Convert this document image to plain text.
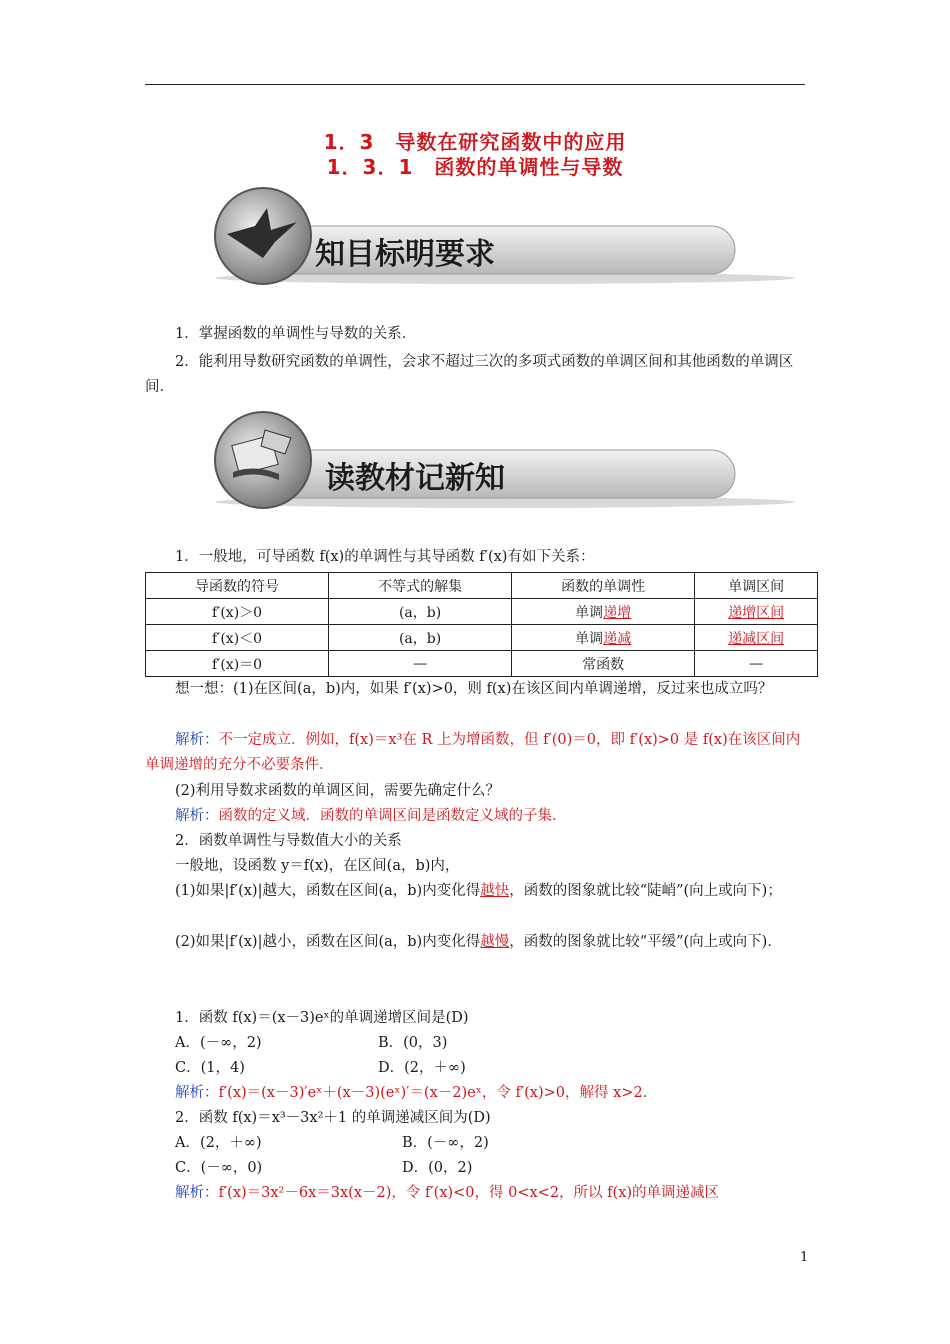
1．3　导数在研究函数中的应用
1．3．1　函数的单调性与导数
知目标明要求

1．掌握函数的单调性与导数的关系．

2．能利用导数研究函数的单调性，会求不超过三次的多项式函数的单调区间和其他函数的单调区间．

读教材记新知

1．一般地，可导函数 f(x)的单调性与其导函数 f′(x)有如下关系：

导函数的符号	不等式的解集	函数的单调性	单调区间
f′(x)＞0	(a，b)	单调递增	递增区间
f′(x)＜0	(a，b)	单调递减	递减区间
f′(x)＝0	—	常函数	—

想一想：(1)在区间(a，b)内，如果 f′(x)>0，则 f(x)在该区间内单调递增，反过来也成立吗？

解析：不一定成立．例如，f(x)＝x³在 R 上为增函数，但 f′(0)＝0，即 f′(x)>0 是 f(x)在该区间内单调递增的充分不必要条件．

(2)利用导数求函数的单调区间，需要先确定什么？

解析：函数的定义域．函数的单调区间是函数定义域的子集．

2．函数单调性与导数值大小的关系

一般地，设函数 y＝f(x)，在区间(a，b)内，

(1)如果|f′(x)|越大，函数在区间(a，b)内变化得越快，函数的图象就比较“陡峭”(向上或向下)；

(2)如果|f′(x)|越小，函数在区间(a，b)内变化得越慢，函数的图象就比较“平缓”(向上或向下)．

1．函数 f(x)＝(x－3)eˣ的单调递增区间是(D)

A．(－∞，2)	B．(0，3)

C．(1，4)	D．(2，＋∞)

解析：f′(x)＝(x－3)′eˣ＋(x－3)(eˣ)′＝(x－2)eˣ，令 f′(x)>0，解得 x>2.

2．函数 f(x)＝x³－3x²＋1 的单调递减区间为(D)

A．(2，＋∞)	B．(－∞，2)

C．(－∞，0)	D．(0，2)

解析：f′(x)＝3x²－6x＝3x(x－2)，令 f′(x)<0，得 0<x<2，所以 f(x)的单调递减区

1
